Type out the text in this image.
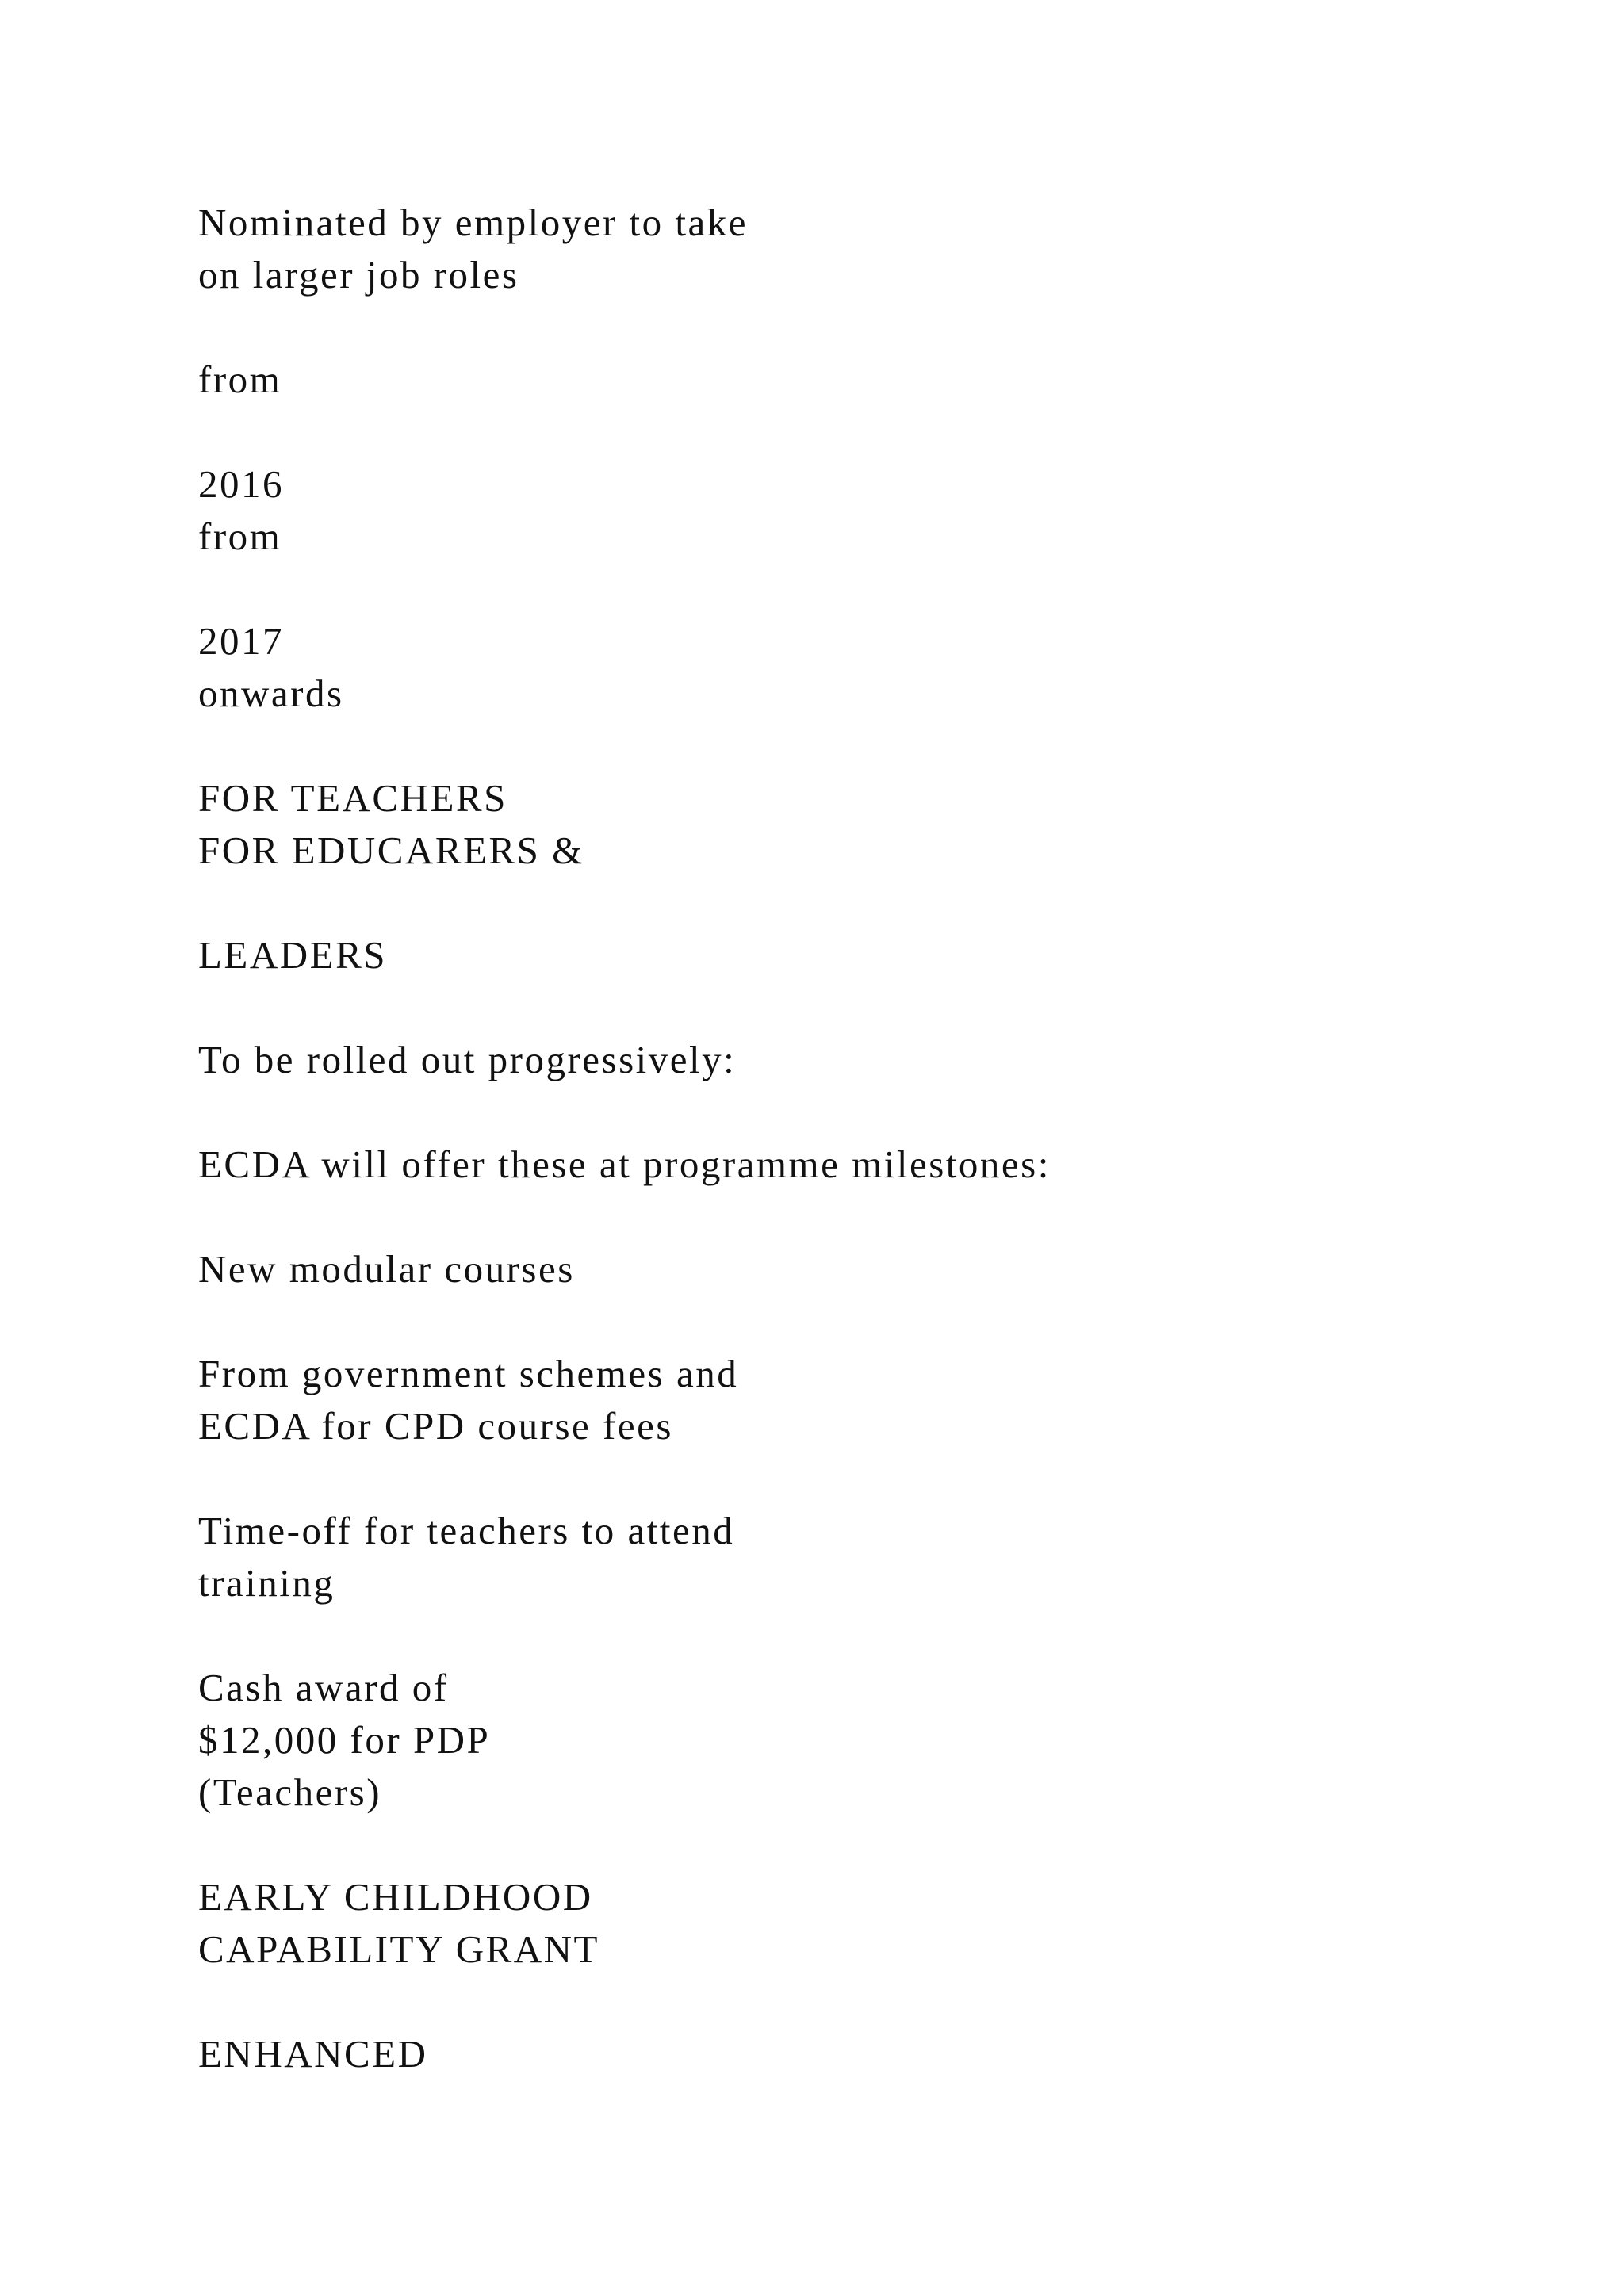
Nominated by employer to take

on larger job roles

from

2016

from

2017

onwards

FOR TEACHERS

FOR EDUCARERS &

LEADERS

To be rolled out progressively:

ECDA will offer these at programme milestones:

New modular courses

From government schemes and

ECDA for CPD course fees

Time-off for teachers to attend

training

Cash award of

$12,000 for PDP

(Teachers)

EARLY CHILDHOOD

CAPABILITY GRANT

ENHANCED
